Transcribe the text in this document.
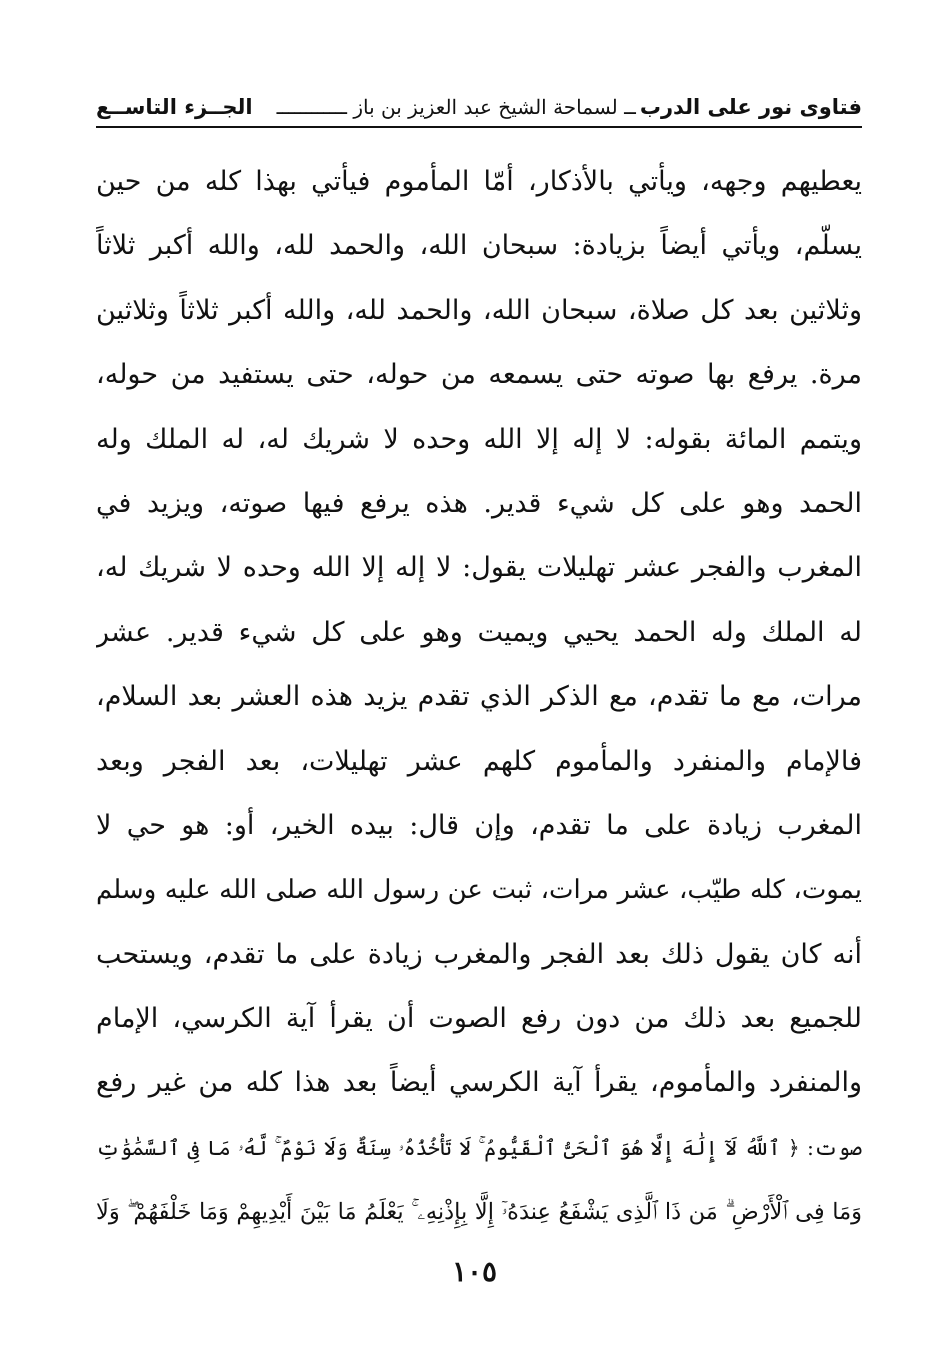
فتاوى نور على الدرب
ــ لسماحة الشيخ عبد العزيز بن باز ــــــــــــ
الجــزء التاســع
يعطيهم وجهه، ويأتي بالأذكار، أمّا المأموم فيأتي بهذا كله من حين
يسلّم، ويأتي أيضاً بزيادة: سبحان الله، والحمد لله، والله أكبر ثلاثاً
وثلاثين بعد كل صلاة، سبحان الله، والحمد لله، والله أكبر ثلاثاً وثلاثين
مرة. يرفع بها صوته حتى يسمعه من حوله، حتى يستفيد من حوله،
ويتمم المائة بقوله: لا إله إلا الله وحده لا شريك له، له الملك وله
الحمد وهو على كل شيء قدير. هذه يرفع فيها صوته، ويزيد في
المغرب والفجر عشر تهليلات يقول: لا إله إلا الله وحده لا شريك له،
له الملك وله الحمد يحيي ويميت وهو على كل شيء قدير. عشر
مرات، مع ما تقدم، مع الذكر الذي تقدم يزيد هذه العشر بعد السلام،
فالإمام والمنفرد والمأموم كلهم عشر تهليلات، بعد الفجر وبعد
المغرب زيادة على ما تقدم، وإن قال: بيده الخير، أو: هو حي لا
يموت، كله طيّب، عشر مرات، ثبت عن رسول الله صلى الله عليه وسلم
أنه كان يقول ذلك بعد الفجر والمغرب زيادة على ما تقدم، ويستحب
للجميع بعد ذلك من دون رفع الصوت أن يقرأ آية الكرسي، الإمام
والمنفرد والمأموم، يقرأ آية الكرسي أيضاً بعد هذا كله من غير رفع
صوت: ﴿ ٱللَّهُ لَآ إِلَٰهَ إِلَّا هُوَ ٱلْحَىُّ ٱلْقَيُّومُ ۚ لَا تَأْخُذُهُۥ سِنَةٌ وَلَا نَوْمٌ ۚ لَّهُۥ مَا فِى ٱلسَّمَٰوَٰتِ
وَمَا فِى ٱلْأَرْضِ ۗ مَن ذَا ٱلَّذِى يَشْفَعُ عِندَهُۥٓ إِلَّا بِإِذْنِهِۦ ۚ يَعْلَمُ مَا بَيْنَ أَيْدِيهِمْ وَمَا خَلْفَهُمْ ۖ وَلَا
١٠٥
